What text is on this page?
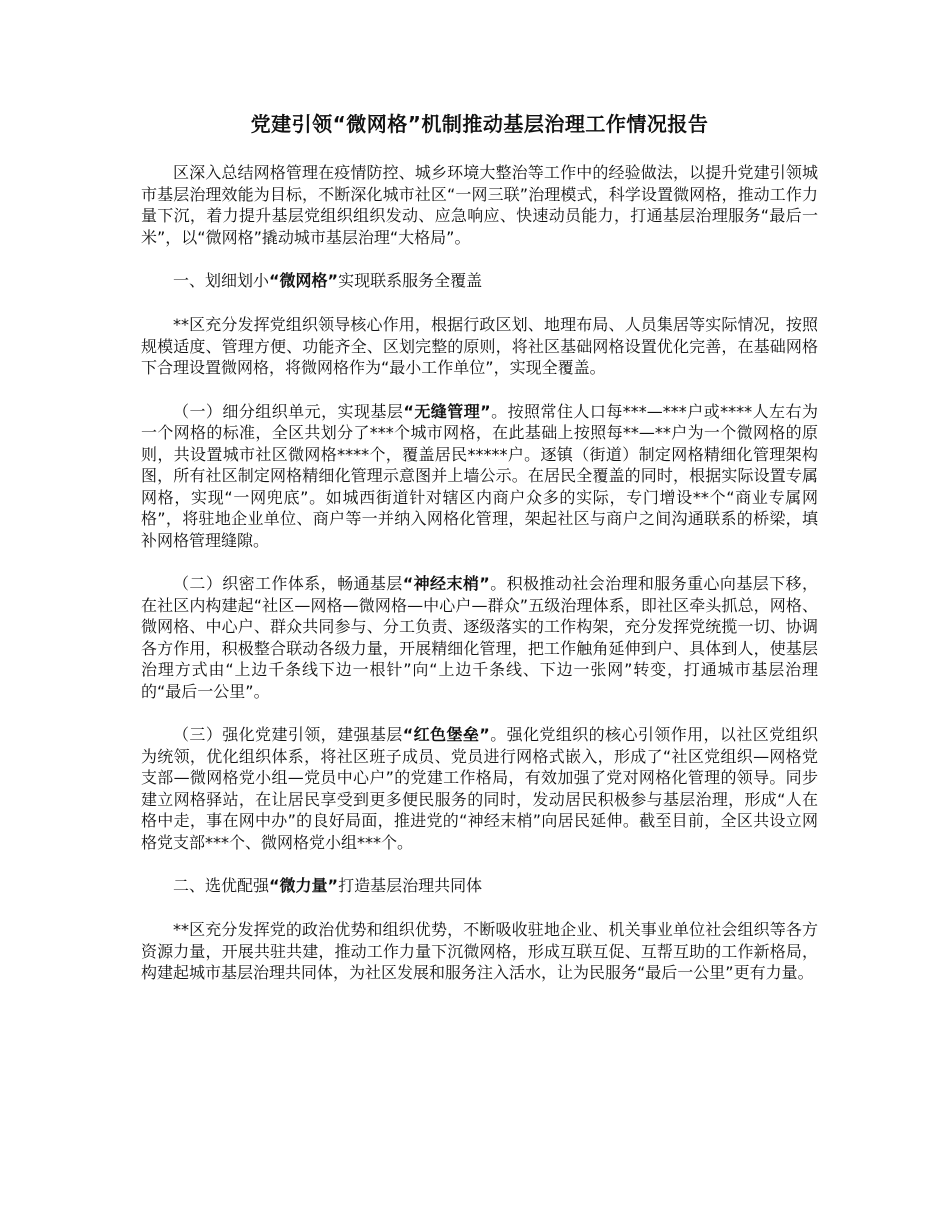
党建引领“微网格”机制推动基层治理工作情况报告

区深入总结网格管理在疫情防控、城乡环境大整治等工作中的经验做法，以提升党建引领城市基层治理效能为目标，不断深化城市社区“一网三联”治理模式，科学设置微网格，推动工作力量下沉，着力提升基层党组织组织发动、应急响应、快速动员能力，打通基层治理服务“最后一米”，以“微网格”撬动城市基层治理“大格局”。

一、划细划小“微网格”实现联系服务全覆盖

**区充分发挥党组织领导核心作用，根据行政区划、地理布局、人员集居等实际情况，按照规模适度、管理方便、功能齐全、区划完整的原则，将社区基础网格设置优化完善，在基础网格下合理设置微网格，将微网格作为“最小工作单位”，实现全覆盖。

（一）细分组织单元，实现基层“无缝管理”。按照常住人口每***—***户或****人左右为一个网格的标准，全区共划分了***个城市网格，在此基础上按照每**—**户为一个微网格的原则，共设置城市社区微网格****个，覆盖居民*****户。逐镇（街道）制定网格精细化管理架构图，所有社区制定网格精细化管理示意图并上墙公示。在居民全覆盖的同时，根据实际设置专属网格，实现“一网兜底”。如城西街道针对辖区内商户众多的实际，专门增设**个“商业专属网格”，将驻地企业单位、商户等一并纳入网格化管理，架起社区与商户之间沟通联系的桥梁，填补网格管理缝隙。

（二）织密工作体系，畅通基层“神经末梢”。积极推动社会治理和服务重心向基层下移，在社区内构建起“社区—网格—微网格—中心户—群众”五级治理体系，即社区牵头抓总，网格、微网格、中心户、群众共同参与、分工负责、逐级落实的工作构架，充分发挥党统揽一切、协调各方作用，积极整合联动各级力量，开展精细化管理，把工作触角延伸到户、具体到人，使基层治理方式由“上边千条线下边一根针”向“上边千条线、下边一张网”转变，打通城市基层治理的“最后一公里”。

（三）强化党建引领，建强基层“红色堡垒”。强化党组织的核心引领作用，以社区党组织为统领，优化组织体系，将社区班子成员、党员进行网格式嵌入，形成了“社区党组织—网格党支部—微网格党小组—党员中心户”的党建工作格局，有效加强了党对网格化管理的领导。同步建立网格驿站，在让居民享受到更多便民服务的同时，发动居民积极参与基层治理，形成“人在格中走，事在网中办”的良好局面，推进党的“神经末梢”向居民延伸。截至目前，全区共设立网格党支部***个、微网格党小组***个。

二、选优配强“微力量”打造基层治理共同体

**区充分发挥党的政治优势和组织优势，不断吸收驻地企业、机关事业单位社会组织等各方资源力量，开展共驻共建，推动工作力量下沉微网格，形成互联互促、互帮互助的工作新格局，构建起城市基层治理共同体，为社区发展和服务注入活水，让为民服务“最后一公里”更有力量。
